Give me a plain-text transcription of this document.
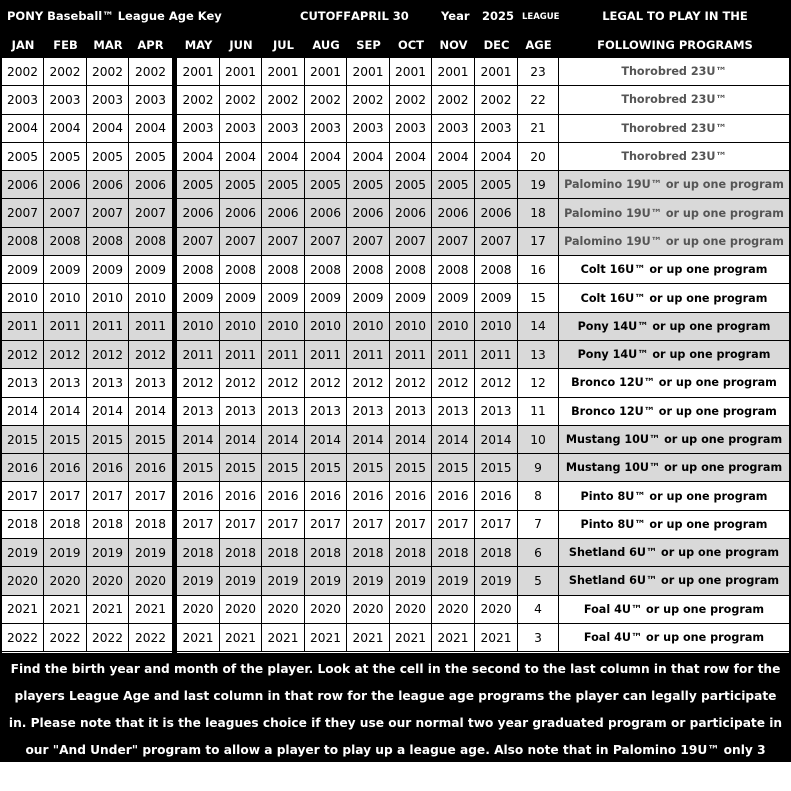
PONY Baseball™ League Age Key	CUTOFF APRIL 30	Year 2025 LEAGUE	LEGAL TO PLAY IN THE
JAN	FEB	MAR	APR	MAY	JUN	JUL	AUG	SEP	OCT	NOV	DEC	AGE	FOLLOWING PROGRAMS
2002 2002 2002 2002	2001 2001 2001 2001 2001 2001 2001 2001	23	Thorobred 23U™
2003 2003 2003 2003	2002 2002 2002 2002 2002 2002 2002 2002	22	Thorobred 23U™
2004 2004 2004 2004	2003 2003 2003 2003 2003 2003 2003 2003	21	Thorobred 23U™
2005 2005 2005 2005	2004 2004 2004 2004 2004 2004 2004 2004	20	Thorobred 23U™
2006 2006 2006 2006	2005 2005 2005 2005 2005 2005 2005 2005	19	Palomino 19U™ or up one program
2007 2007 2007 2007	2006 2006 2006 2006 2006 2006 2006 2006	18	Palomino 19U™ or up one program
2008 2008 2008 2008	2007 2007 2007 2007 2007 2007 2007 2007	17	Palomino 19U™ or up one program
2009 2009 2009 2009	2008 2008 2008 2008 2008 2008 2008 2008	16	Colt 16U™ or up one program
2010 2010 2010 2010	2009 2009 2009 2009 2009 2009 2009 2009	15	Colt 16U™ or up one program
2011 2011 2011 2011	2010 2010 2010 2010 2010 2010 2010 2010	14	Pony 14U™ or up one program
2012 2012 2012 2012	2011 2011 2011 2011 2011 2011 2011 2011	13	Pony 14U™ or up one program
2013 2013 2013 2013	2012 2012 2012 2012 2012 2012 2012 2012	12	Bronco 12U™ or up one program
2014 2014 2014 2014	2013 2013 2013 2013 2013 2013 2013 2013	11	Bronco 12U™ or up one program
2015 2015 2015 2015	2014 2014 2014 2014 2014 2014 2014 2014	10	Mustang 10U™ or up one program
2016 2016 2016 2016	2015 2015 2015 2015 2015 2015 2015 2015	9	Mustang 10U™ or up one program
2017 2017 2017 2017	2016 2016 2016 2016 2016 2016 2016 2016	8	Pinto 8U™ or up one program
2018 2018 2018 2018	2017 2017 2017 2017 2017 2017 2017 2017	7	Pinto 8U™ or up one program
2019 2019 2019 2019	2018 2018 2018 2018 2018 2018 2018 2018	6	Shetland 6U™ or up one program
2020 2020 2020 2020	2019 2019 2019 2019 2019 2019 2019 2019	5	Shetland 6U™ or up one program
2021 2021 2021 2021	2020 2020 2020 2020 2020 2020 2020 2020	4	Foal 4U™ or up one program
2022 2022 2022 2022	2021 2021 2021 2021 2021 2021 2021 2021	3	Foal 4U™ or up one program
Find the birth year and month of the player. Look at the cell in the second to the last column in that row for the players League Age and last column in that row for the league age programs the player can legally participate in. Please note that it is the leagues choice if they use our normal two year graduated program or participate in our "And Under" program to allow a player to play up a league age. Also note that in Palomino 19U™ only 3 players of league age 19 are allowed.
